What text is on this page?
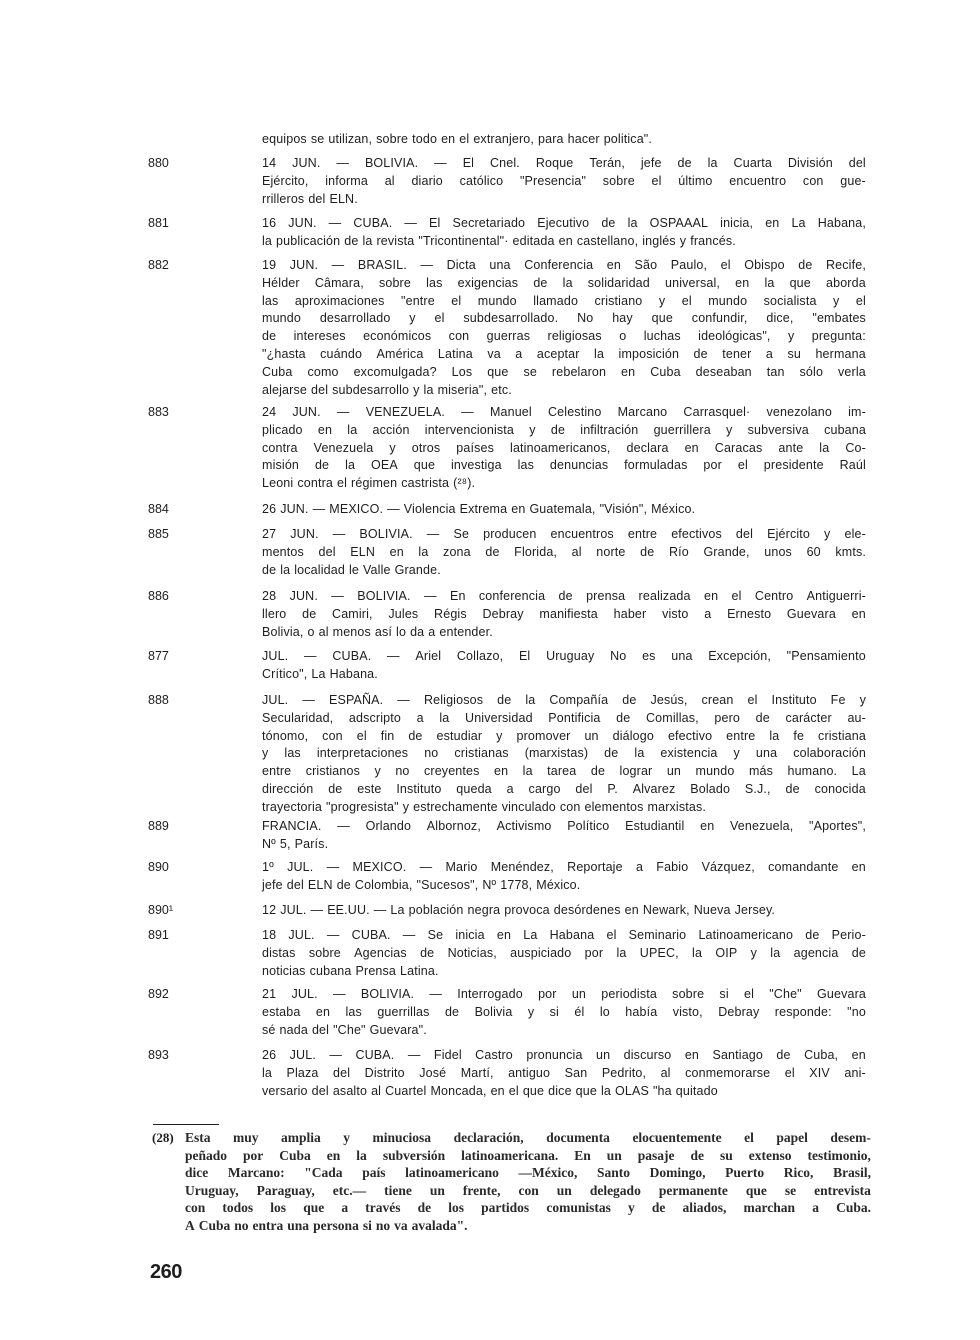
equipos se utilizan, sobre todo en el extranjero, para hacer politica".
880	14 JUN. — BOLIVIA. — El Cnel. Roque Terán, jefe de la Cuarta División del
Ejército, informa al diario católico "Presencia" sobre el último encuentro con gue-
rrilleros del ELN.
881	16 JUN. — CUBA. — El Secretariado Ejecutivo de la OSPAAAL inicia, en La Habana,
la publicación de la revista "Tricontinental"· editada en castellano, inglés y francés.
882	19 JUN. — BRASIL. — Dicta una Conferencia en São Paulo, el Obispo de Recife,
Hélder Câmara, sobre las exigencias de la solidaridad universal, en la que aborda
las aproximaciones "entre el mundo llamado cristiano y el mundo socialista y el
mundo desarrollado y el subdesarrollado. No hay que confundir, dice, "embates
de intereses económicos con guerras religiosas o luchas ideológicas", y pregunta:
"¿hasta cuándo América Latina va a aceptar la imposición de tener a su hermana
Cuba como excomulgada? Los que se rebelaron en Cuba deseaban tan sólo verla
alejarse del subdesarrollo y la miseria", etc.
883	24 JUN. — VENEZUELA. — Manuel Celestino Marcano Carrasquel· venezolano im-
plicado en la acción intervencionista y de infiltración guerrillera y subversiva cubana
contra Venezuela y otros países latinoamericanos, declara en Caracas ante la Co-
misión de la OEA que investiga las denuncias formuladas por el presidente Raúl
Leoni contra el régimen castrista (²⁸).
884	26 JUN. — MEXICO. — Violencia Extrema en Guatemala, "Visión", México.
885	27 JUN. — BOLIVIA. — Se producen encuentros entre efectivos del Ejército y ele-
mentos del ELN en la zona de Florida, al norte de Río Grande, unos 60 kmts.
de la localidad le Valle Grande.
886	28 JUN. — BOLIVIA. — En conferencia de prensa realizada en el Centro Antiguerri-
llero de Camiri, Jules Régis Debray manifiesta haber visto a Ernesto Guevara en
Bolivia, o al menos así lo da a entender.
877	JUL. — CUBA. — Ariel Collazo, El Uruguay No es una Excepción, "Pensamiento
Crítico", La Habana.
888	JUL. — ESPAÑA. — Religiosos de la Compañía de Jesús, crean el Instituto Fe y
Secularidad, adscripto a la Universidad Pontificia de Comillas, pero de carácter au-
tónomo, con el fin de estudiar y promover un diálogo efectivo entre la fe cristiana
y las interpretaciones no cristianas (marxistas) de la existencia y una colaboración
entre cristianos y no creyentes en la tarea de lograr un mundo más humano. La
dirección de este Instituto queda a cargo del P. Alvarez Bolado S.J., de conocida
trayectoria "progresista" y estrechamente vinculado con elementos marxistas.
889	FRANCIA. — Orlando Albornoz, Activismo Político Estudiantil en Venezuela, "Aportes",
Nº 5, París.
890	1º JUL. — MEXICO. — Mario Menéndez, Reportaje a Fabio Vázquez, comandante en
jefe del ELN de Colombia, "Sucesos", Nº 1778, México.
890¹	12 JUL. — EE.UU. — La población negra provoca desórdenes en Newark, Nueva Jersey.
891	18 JUL. — CUBA. — Se inicia en La Habana el Seminario Latinoamericano de Perio-
distas sobre Agencias de Noticias, auspiciado por la UPEC, la OIP y la agencia de
noticias cubana Prensa Latina.
892	21 JUL. — BOLIVIA. — Interrogado por un periodista sobre si el "Che" Guevara
estaba en las guerrillas de Bolivia y si él lo había visto, Debray responde: "no
sé nada del "Che" Guevara".
893	26 JUL. — CUBA. — Fidel Castro pronuncia un discurso en Santiago de Cuba, en
la Plaza del Distrito José Martí, antiguo San Pedrito, al conmemorarse el XIV ani-
versario del asalto al Cuartel Moncada, en el que dice que la OLAS "ha quitado
(28) Esta muy amplia y minuciosa declaración, documenta elocuentemente el papel desem-
peñado por Cuba en la subversión latinoamericana. En un pasaje de su extenso testimonio,
dice Marcano: "Cada país latinoamericano —México, Santo Domingo, Puerto Rico, Brasil,
Uruguay, Paraguay, etc.— tiene un frente, con un delegado permanente que se entrevista
con todos los que a través de los partidos comunistas y de aliados, marchan a Cuba.
A Cuba no entra una persona si no va avalada".
260
